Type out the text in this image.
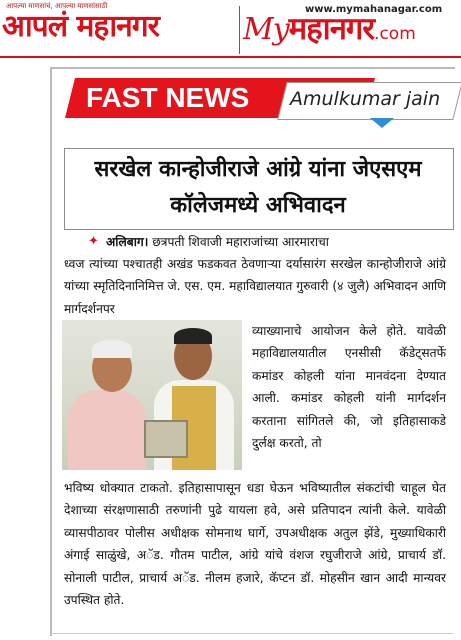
आपल्या माणसांचं, आपल्या माणसांसाठी
आपलं महानगर	www.mymahanagar.com
Myमहानगर.com
FAST NEWS Amulkumar jain
सरखेल कान्होजीराजे आंग्रे यांना जेएसएम कॉलेजमध्ये अभिवादन
✦ अलिबाग। छत्रपती शिवाजी महाराजांच्या आरमाराचा
ध्वज त्यांच्या पश्चातही अखंड फडकवत ठेवणाऱ्या दर्यासारंग सरखेल कान्होजीराजे आंग्रे यांच्या स्मृतिदिनानिमित्त जे. एस. एम. महाविद्यालयात गुरुवारी (४ जुलै) अभिवादन आणि मार्गदर्शनपर
व्याख्यानाचे आयोजन केले होते. यावेळी महाविद्यालयातील एनसीसी कॅडेट्सतर्फे कमांडर कोहली यांना मानवंदना देण्यात आली. कमांडर कोहली यांनी मार्गदर्शन करताना सांगितले की, जो इतिहासाकडे दुर्लक्ष करतो, तो
भविष्य धोक्यात टाकतो. इतिहासापासून धडा घेऊन भविष्यातील संकटांची चाहूल घेत देशाच्या संरक्षणासाठी तरुणांनी पुढे यायला हवे, असे प्रतिपादन त्यांनी केले. यावेळी व्यासपीठावर पोलीस अधीक्षक सोमनाथ घार्गे, उपअधीक्षक अतुल झेंडे, मुख्याधिकारी अंगाई साळुंखे, अॅड. गौतम पाटील, आंग्रे यांचे वंशज रघुजीराजे आंग्रे, प्राचार्य डॉ. सोनाली पाटील, प्राचार्य अॅड. नीलम हजारे, कॅप्टन डॉ. मोहसीन खान आदी मान्यवर उपस्थित होते.
